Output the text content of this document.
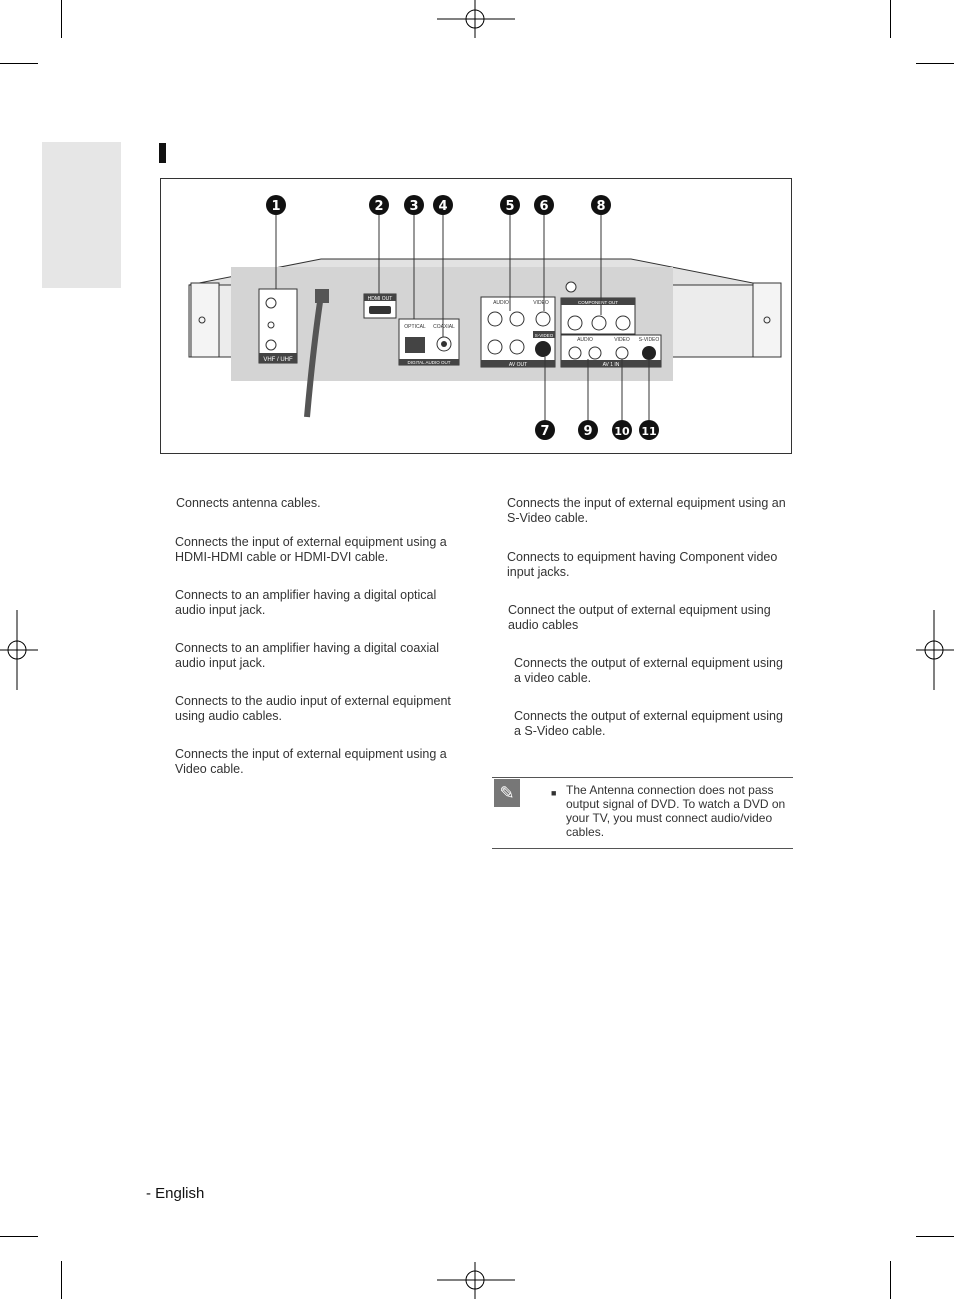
VHF / UHF
HDMI OUT
DIGITAL AUDIO OUT
OPTICAL COAXIAL
AV OUT
AUDIO	VIDEO
S-VIDEO
COMPONENT OUT
AV 1 IN
AUDIO	VIDEO S-VIDEO
1	2 3 4	5 6	8
7	9 10 11
Connects antenna cables.
Connects the input of external equipment using a HDMI-HDMI cable or HDMI-DVI cable.
Connects to an amplifier having a digital optical audio input jack.
Connects to an amplifier having a digital coaxial audio input jack.
Connects to the audio input of external equipment using audio cables.
Connects the input of external equipment using a Video cable.
Connects the input of external equipment using an S-Video cable.
Connects to equipment having Component video input jacks.
Connect the output of external equipment using audio cables
Connects the output of external equipment using a video cable.
Connects the output of external equipment using a S-Video cable.
✎	■ The Antenna connection does not pass output signal of DVD. To watch a DVD on your TV, you must connect audio/video cables.
- English
